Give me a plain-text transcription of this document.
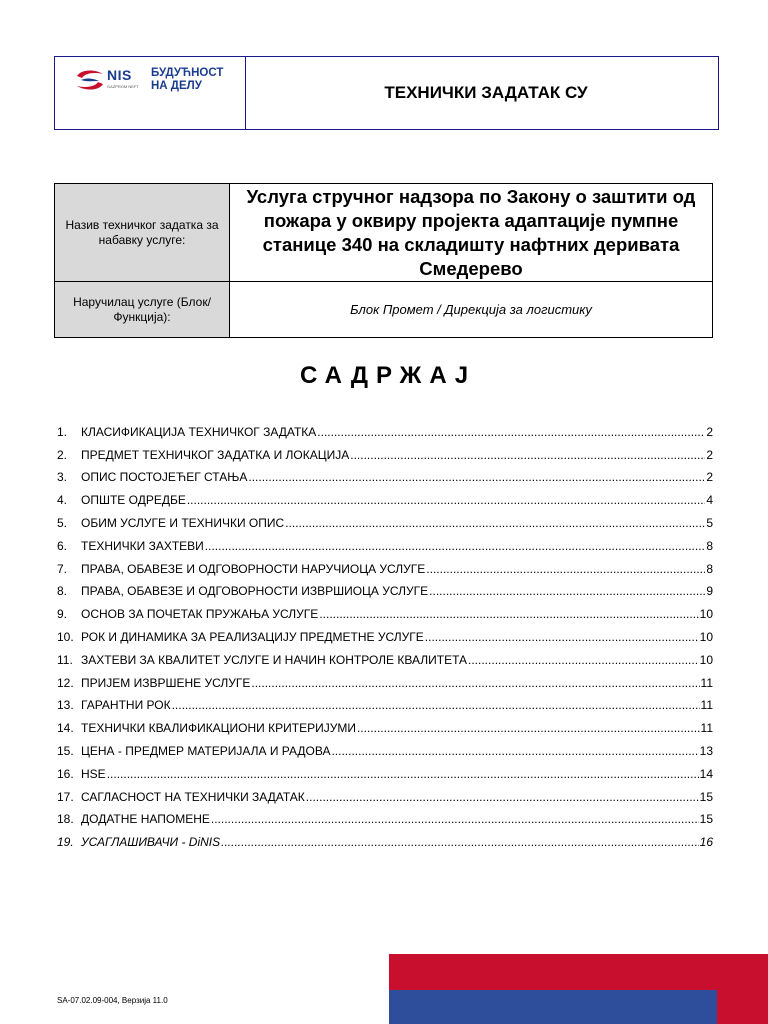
NIS
GAZPROM NEFT
БУДУЋНОСТ
НА ДЕЛУ	ТЕХНИЧКИ ЗАДАТАК СУ
Назив техничког задатка за набавку услуге:	Услуга стручног надзора по Закону о заштити од пожара у оквиру пројекта адаптације пумпне станице 340 на складишту нафтних деривата Смедерево
Наручилац услуге (Блок/Функција):	Блок Промет / Дирекција за логистику
САДРЖАЈ
1.	КЛАСИФИКАЦИЈА ТЕХНИЧКОГ ЗАДАТКА .....	2
2.	ПРЕДМЕТ ТЕХНИЧКОГ ЗАДАТКА И ЛОКАЦИЈА .....	2
3.	ОПИС ПОСТОЈЕЋЕГ СТАЊА .....	2
4.	ОПШТЕ ОДРЕДБЕ .....	4
5.	ОБИМ УСЛУГЕ И ТЕХНИЧКИ ОПИС .....	5
6.	ТЕХНИЧКИ ЗАХТЕВИ .....	8
7.	ПРАВА, ОБАВЕЗЕ И ОДГОВОРНОСТИ НАРУЧИОЦА УСЛУГЕ .....	8
8.	ПРАВА, ОБАВЕЗЕ И ОДГОВОРНОСТИ ИЗВРШИОЦА УСЛУГЕ .....	9
9.	ОСНОВ ЗА ПОЧЕТАК ПРУЖАЊА УСЛУГЕ .....	10
10. РОК И ДИНАМИКА ЗА РЕАЛИЗАЦИЈУ ПРЕДМЕТНЕ УСЛУГЕ .....	10
11. ЗАХТЕВИ ЗА КВАЛИТЕТ УСЛУГЕ И НАЧИН КОНТРОЛЕ КВАЛИТЕТА .....	10
12. ПРИЈЕМ ИЗВРШЕНЕ УСЛУГЕ .....	11
13. ГАРАНТНИ РОК .....	11
14. ТЕХНИЧКИ КВАЛИФИКАЦИОНИ КРИТЕРИЈУМИ .....	11
15. ЦЕНА - ПРЕДМЕР МАТЕРИЈАЛА И РАДОВА .....	13
16. HSE .....	14
17. САГЛАСНОСТ НА ТЕХНИЧКИ ЗАДАТАК .....	15
18. ДОДАТНЕ НАПОМЕНЕ .....	15
19. УСАГЛАШИВАЧИ - DiNIS .....	16
SA-07.02.09-004, Верзија 11.0
